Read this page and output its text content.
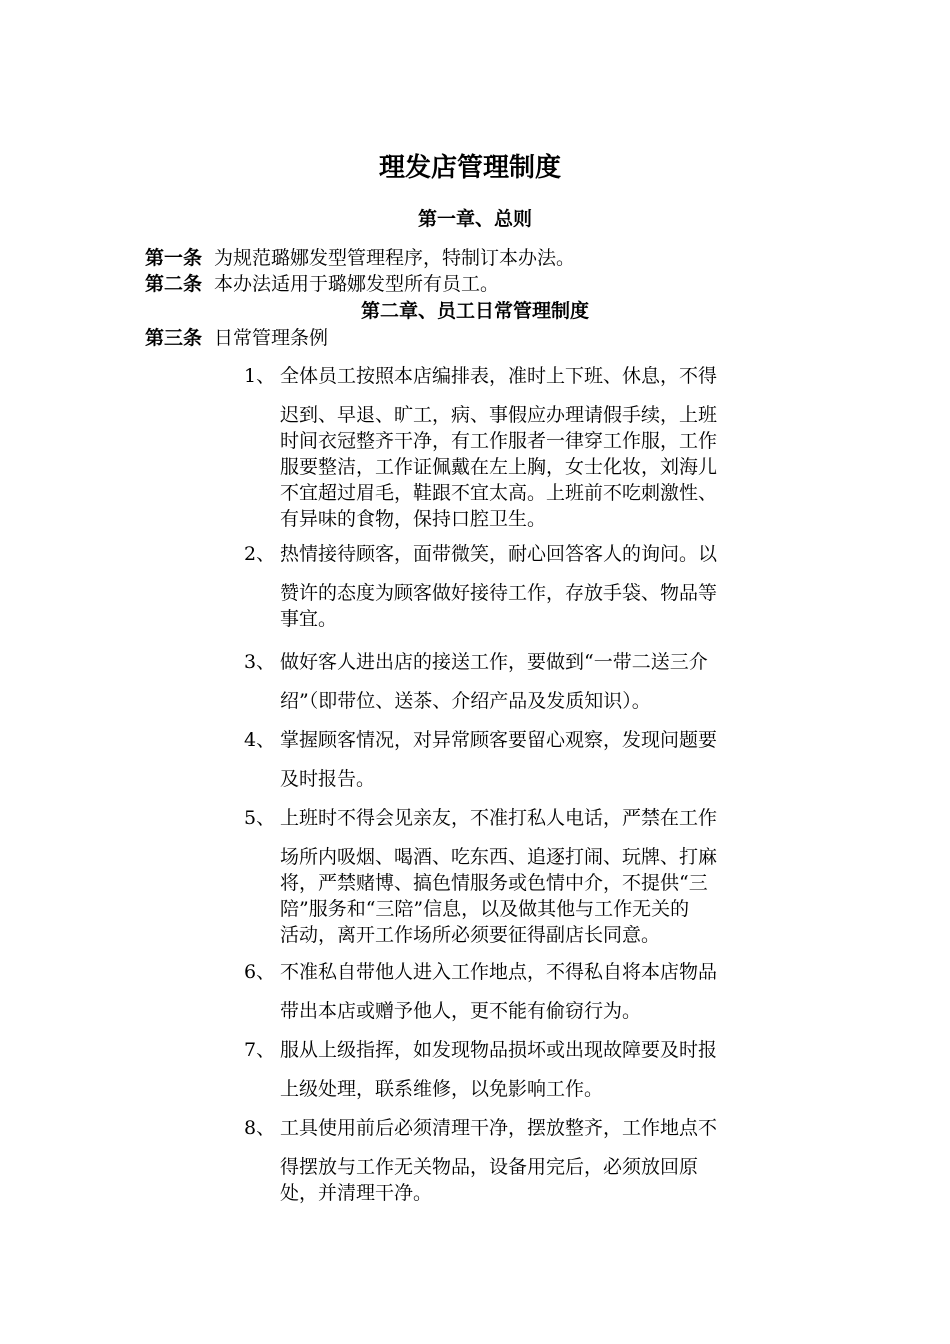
理发店管理制度
第一章、总则
第一条 为规范璐娜发型管理程序，特制订本办法。
第二条 本办法适用于璐娜发型所有员工。
第二章、员工日常管理制度
第三条 日常管理条例
1、 全体员工按照本店编排表，准时上下班、休息，不得
迟到、早退、旷工，病、事假应办理请假手续，上班
时间衣冠整齐干净，有工作服者一律穿工作服，工作
服要整洁，工作证佩戴在左上胸，女士化妆，刘海儿
不宜超过眉毛，鞋跟不宜太高。上班前不吃刺激性、
有异味的食物，保持口腔卫生。
2、 热情接待顾客，面带微笑，耐心回答客人的询问。以
赞许的态度为顾客做好接待工作，存放手袋、物品等
事宜。
3、 做好客人进出店的接送工作，要做到“一带二送三介
绍”（即带位、送茶、介绍产品及发质知识）。
4、 掌握顾客情况，对异常顾客要留心观察，发现问题要
及时报告。
5、 上班时不得会见亲友，不准打私人电话，严禁在工作
场所内吸烟、喝酒、吃东西、追逐打闹、玩牌、打麻
将，严禁赌博、搞色情服务或色情中介，不提供“三
陪”服务和“三陪”信息，以及做其他与工作无关的
活动，离开工作场所必须要征得副店长同意。
6、 不准私自带他人进入工作地点，不得私自将本店物品
带出本店或赠予他人，更不能有偷窃行为。
7、 服从上级指挥，如发现物品损坏或出现故障要及时报
上级处理，联系维修，以免影响工作。
8、 工具使用前后必须清理干净，摆放整齐，工作地点不
得摆放与工作无关物品，设备用完后，必须放回原
处，并清理干净。
